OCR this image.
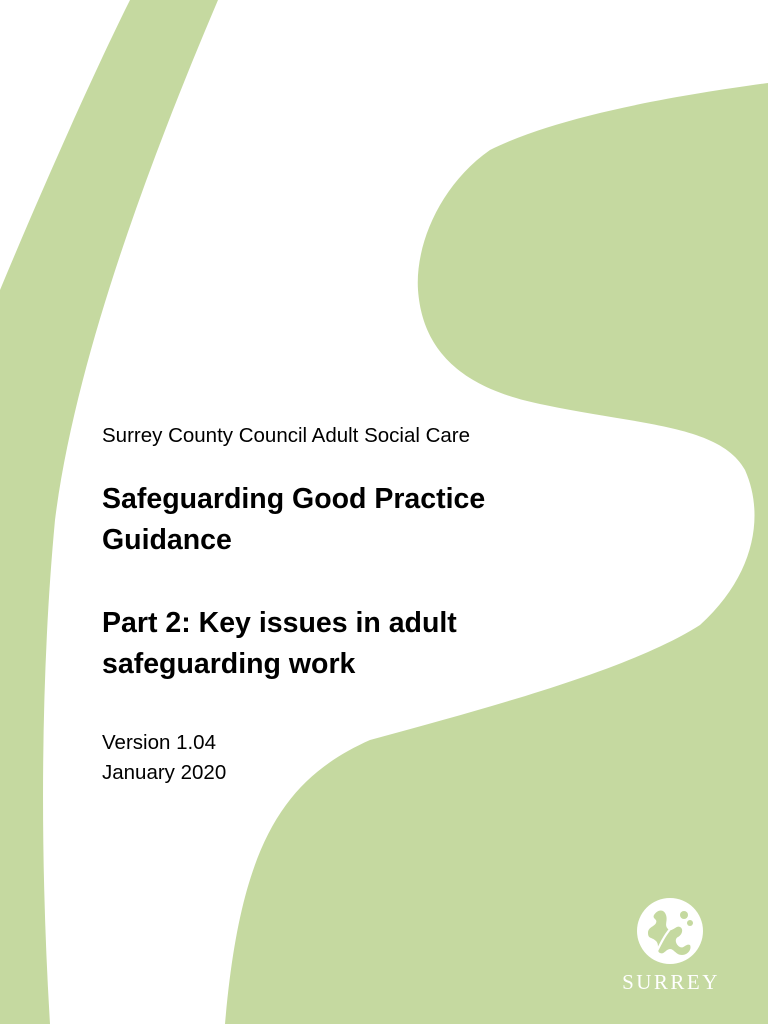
Surrey County Council Adult Social Care

Safeguarding Good Practice Guidance
Part 2: Key issues in adult safeguarding work
Version 1.04
January 2020
SURREY
